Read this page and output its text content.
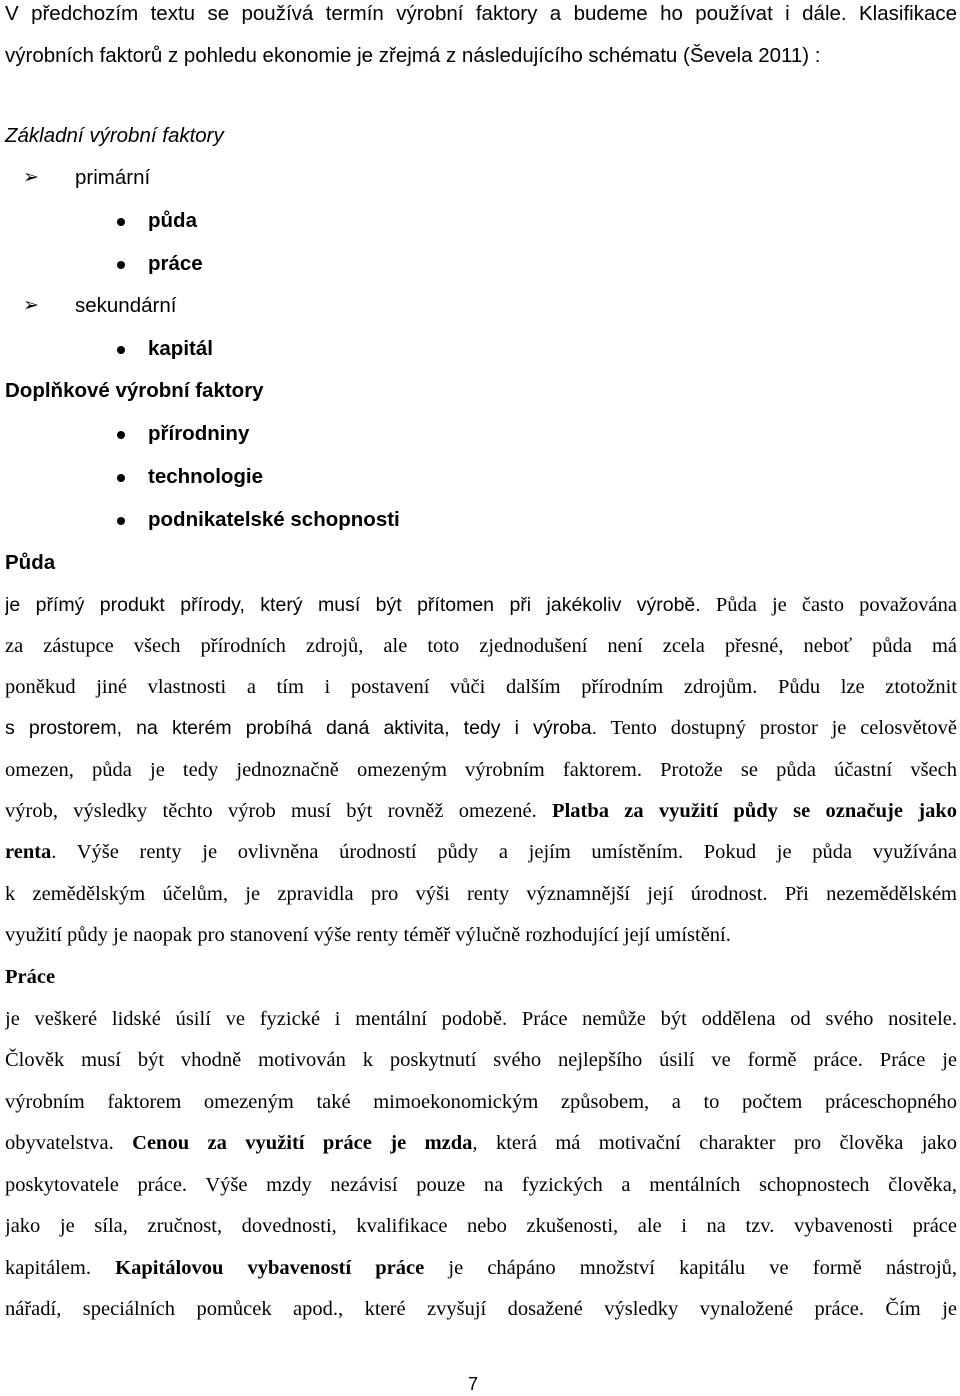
V předchozím textu se používá termín výrobní faktory a budeme ho používat i dále. Klasifikace
výrobních faktorů z pohledu ekonomie je zřejmá z následujícího schématu (Ševela 2011) :
Základní výrobní faktory
➢ primární
půda
práce
➢ sekundární
kapitál
Doplňkové výrobní faktory
přírodniny
technologie
podnikatelské schopnosti
Půda
je přímý produkt přírody, který musí být přítomen při jakékoliv výrobě. Půda je často považována
za zástupce všech přírodních zdrojů, ale toto zjednodušení není zcela přesné, neboť půda má
poněkud jiné vlastnosti a tím i postavení vůči dalším přírodním zdrojům. Půdu lze ztotožnit
s prostorem, na kterém probíhá daná aktivita, tedy i výroba. Tento dostupný prostor je celosvětově
omezen, půda je tedy jednoznačně omezeným výrobním faktorem. Protože se půda účastní všech
výrob, výsledky těchto výrob musí být rovněž omezené. Platba za využití půdy se označuje jako
renta. Výše renty je ovlivněna úrodností půdy a jejím umístěním. Pokud je půda využívána
k zemědělským účelům, je zpravidla pro výši renty významnější její úrodnost. Při nezemědělském
využití půdy je naopak pro stanovení výše renty téměř výlučně rozhodující její umístění.
Práce
je veškeré lidské úsilí ve fyzické i mentální podobě. Práce nemůže být oddělena od svého nositele.
Člověk musí být vhodně motivován k poskytnutí svého nejlepšího úsilí ve formě práce. Práce je
výrobním faktorem omezeným také mimoekonomickým způsobem, a to počtem práceschopného
obyvatelstva. Cenou za využití práce je mzda, která má motivační charakter pro člověka jako
poskytovatele práce. Výše mzdy nezávisí pouze na fyzických a mentálních schopnostech člověka,
jako je síla, zručnost, dovednosti, kvalifikace nebo zkušenosti, ale i na tzv. vybavenosti práce
kapitálem. Kapitálovou vybaveností práce je chápáno množství kapitálu ve formě nástrojů,
nářadí, speciálních pomůcek apod., které zvyšují dosažené výsledky vynaložené práce. Čím je
7
